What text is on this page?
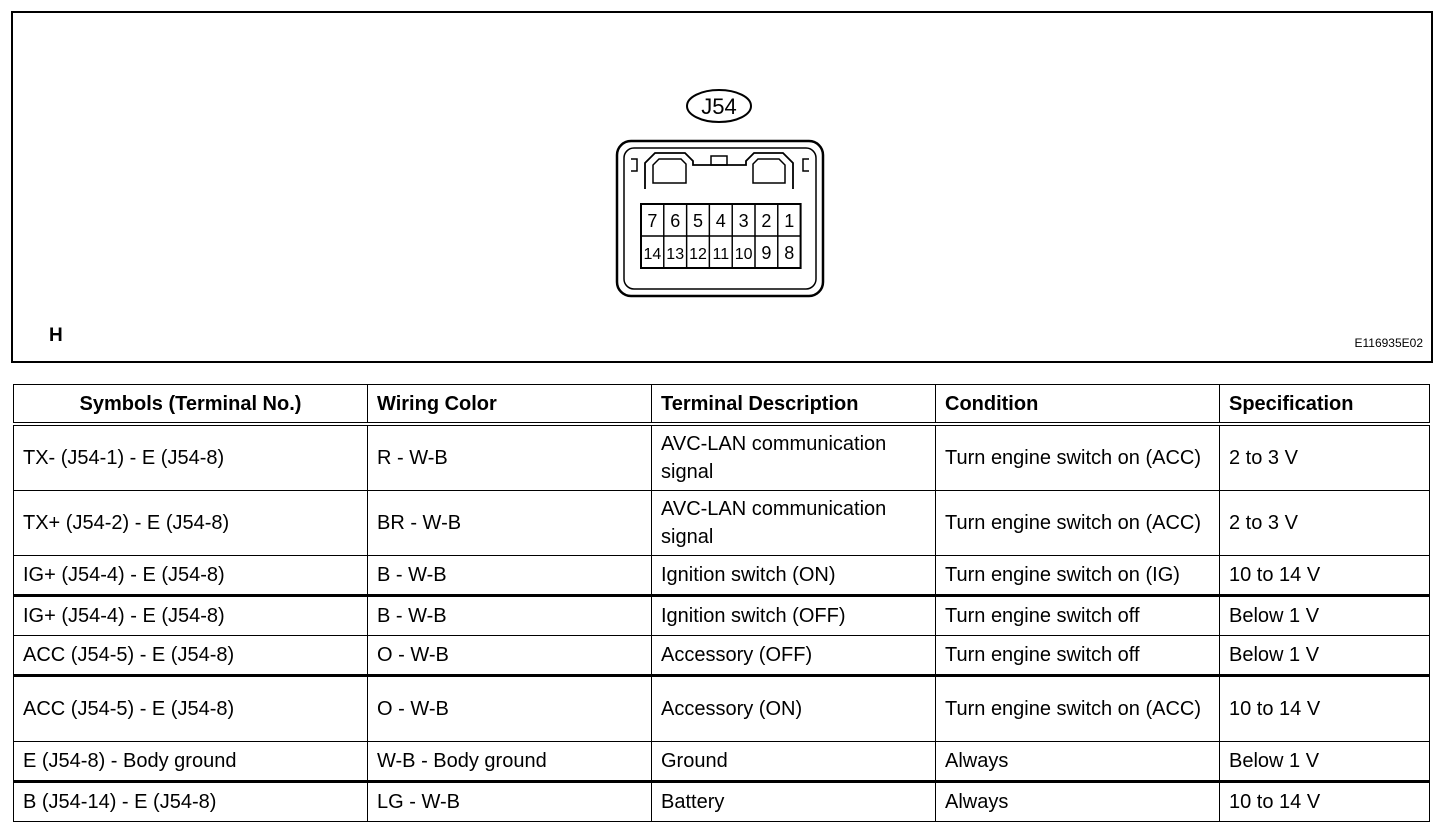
J54
7 6 5 4 3 2 1
14 13 12 11 10 9 8
H	E116935E02
Symbols (Terminal No.)	Wiring Color	Terminal Description	Condition	Specification
TX- (J54-1) - E (J54-8)	R - W-B	AVC-LAN communication signal	Turn engine switch on (ACC)	2 to 3 V
TX+ (J54-2) - E (J54-8)	BR - W-B	AVC-LAN communication signal	Turn engine switch on (ACC)	2 to 3 V
IG+ (J54-4) - E (J54-8)	B - W-B	Ignition switch (ON)	Turn engine switch on (IG)	10 to 14 V
IG+ (J54-4) - E (J54-8)	B - W-B	Ignition switch (OFF)	Turn engine switch off	Below 1 V
ACC (J54-5) - E (J54-8)	O - W-B	Accessory (OFF)	Turn engine switch off	Below 1 V
ACC (J54-5) - E (J54-8)	O - W-B	Accessory (ON)	Turn engine switch on (ACC)	10 to 14 V
E (J54-8) - Body ground	W-B - Body ground	Ground	Always	Below 1 V
B (J54-14) - E (J54-8)	LG - W-B	Battery	Always	10 to 14 V
